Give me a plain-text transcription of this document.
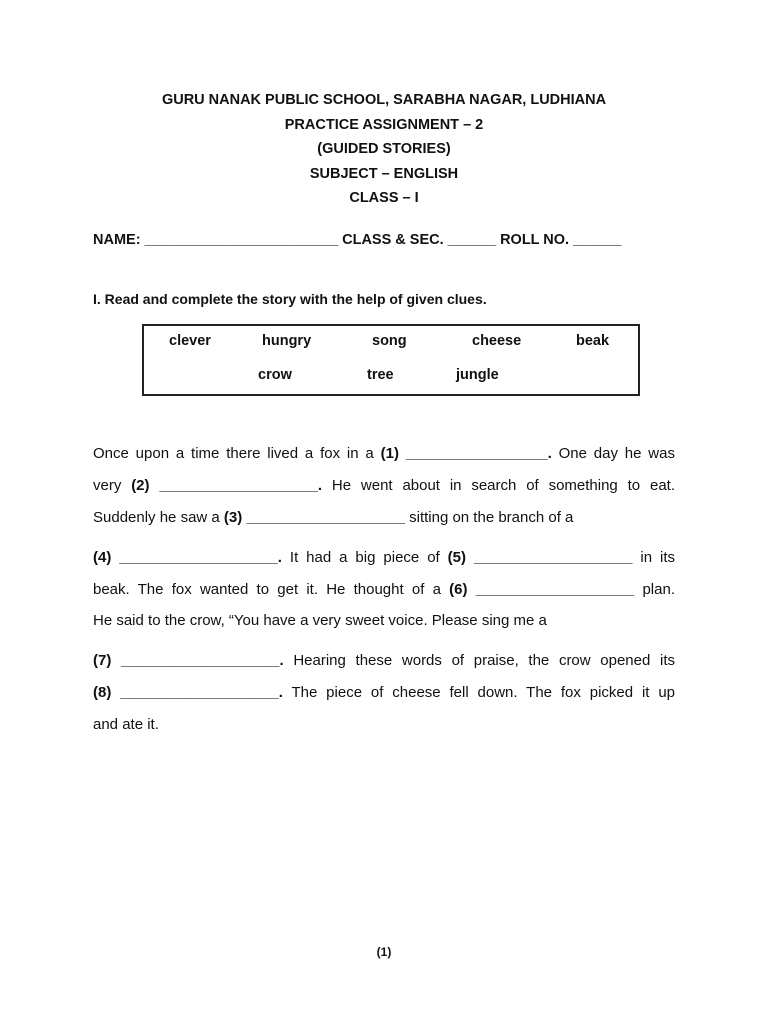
GURU NANAK PUBLIC SCHOOL, SARABHA NAGAR, LUDHIANA
PRACTICE ASSIGNMENT – 2
(GUIDED STORIES)
SUBJECT – ENGLISH
CLASS – I
NAME: ________________________ CLASS & SEC. ______ ROLL NO. ______
I. Read and complete the story with the help of given clues.
clever	hungry	song	cheese	beak
crow	tree	jungle
Once upon a time there lived a fox in a (1) _________________. One day he was
very (2) ___________________. He went about in search of something to eat.
Suddenly he saw a (3) ___________________ sitting on the branch of a
(4) ___________________. It had a big piece of (5) ___________________ in its
beak. The fox wanted to get it. He thought of a (6) ___________________ plan.
He said to the crow, “You have a very sweet voice. Please sing me a
(7) ___________________. Hearing these words of praise, the crow opened its
(8) ___________________. The piece of cheese fell down. The fox picked it up
and ate it.
(1)
